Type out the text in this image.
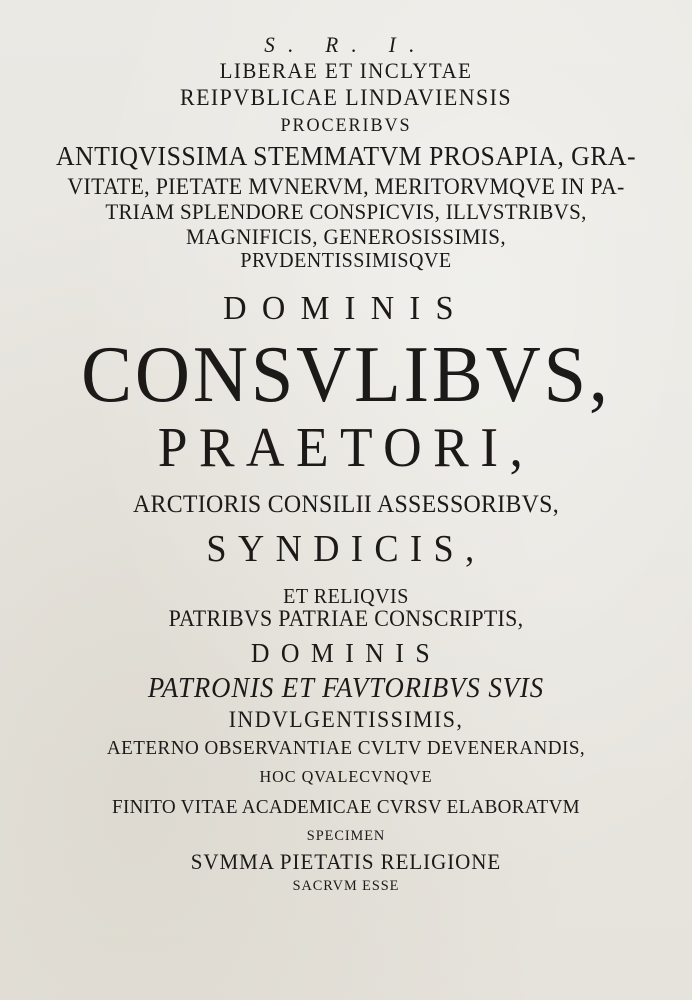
S. R. I.
LIBERAE ET INCLYTAE
REIPVBLICAE LINDAVIENSIS
PROCERIBVS
ANTIQVISSIMA STEMMATVM PROSAPIA, GRA-
VITATE, PIETATE MVNERVM, MERITORVMQVE IN PA-
TRIAM SPLENDORE CONSPICVIS, ILLVSTRIBVS,
MAGNIFICIS, GENEROSISSIMIS,
PRVDENTISSIMISQVE
DOMINIS
CONSVLIBVS,
PRAETORI,
ARCTIORIS CONSILII ASSESSORIBVS,
SYNDICIS,
ET RELIQVIS
PATRIBVS PATRIAE CONSCRIPTIS,
DOMINIS
PATRONIS ET FAVTORIBVS SVIS
INDVLGENTISSIMIS,
AETERNO OBSERVANTIAE CVLTV DEVENERANDIS,
HOC QVALECVNQVE
FINITO VITAE ACADEMICAE CVRSV ELABORATVM
SPECIMEN
SVMMA PIETATIS RELIGIONE
SACRVM ESSE
